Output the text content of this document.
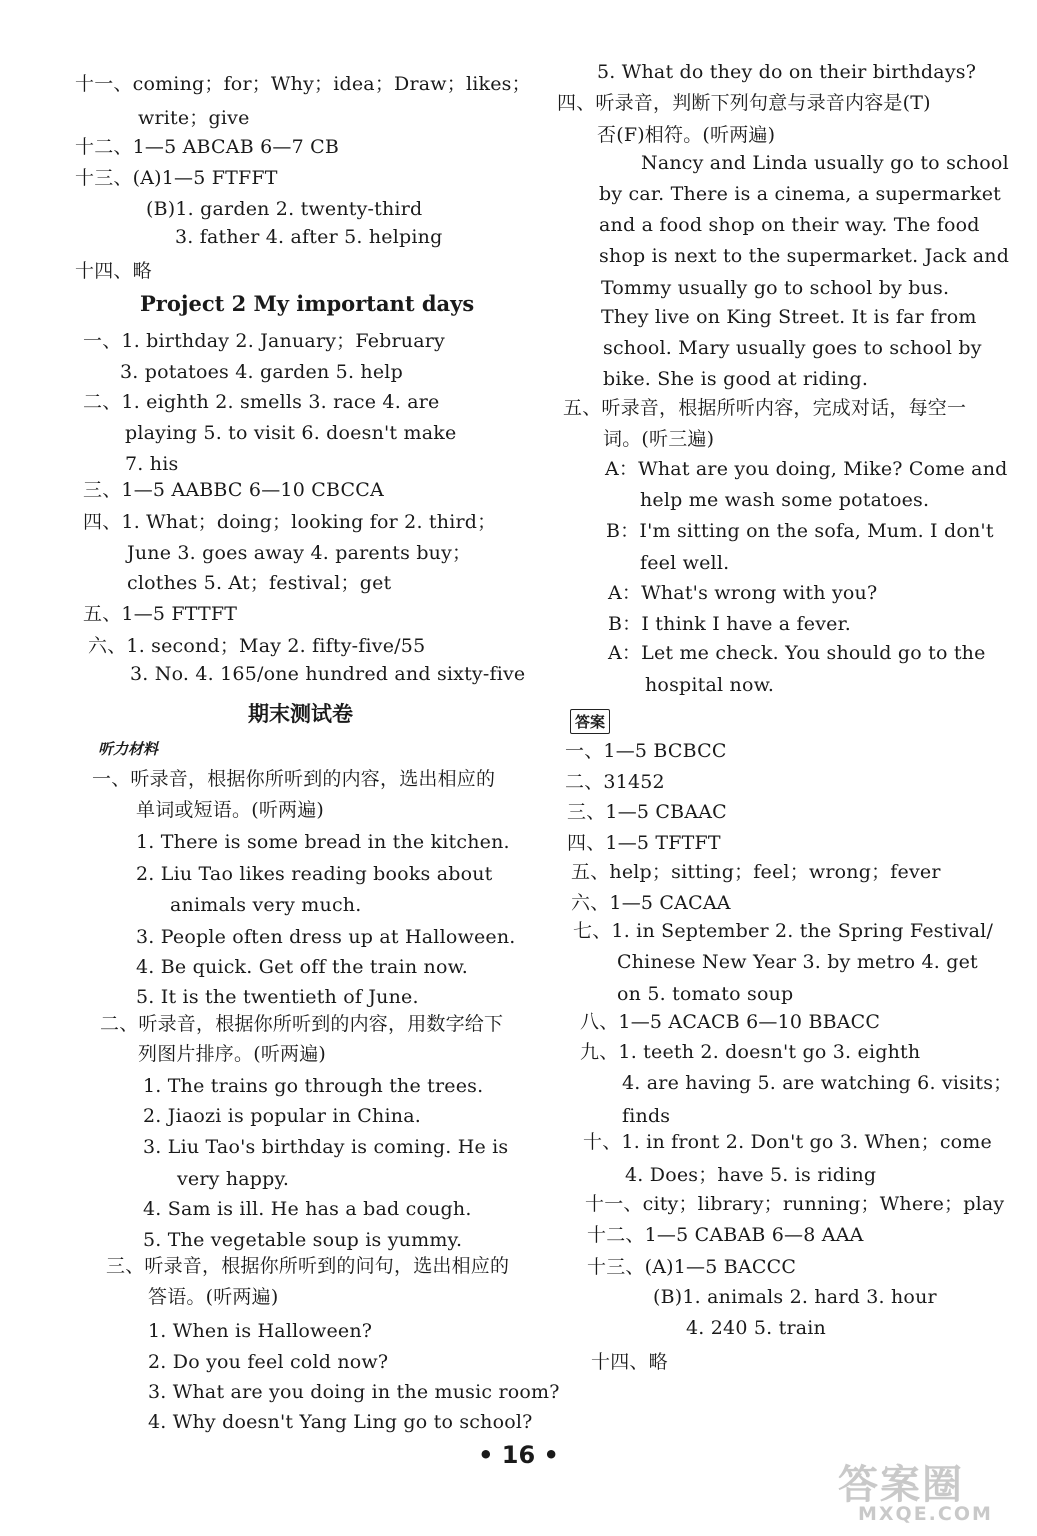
十一、coming；for；Why；idea；Draw；likes；
write；give
十二、1—5 ABCAB 6—7 CB
十三、(A)1—5 FTFFT
(B)1. garden 2. twenty-third
3. father 4. after 5. helping
十四、略
一、1. birthday 2. January；February
3. potatoes 4. garden 5. help
二、1. eighth 2. smells 3. race 4. are
playing 5. to visit 6. doesn't make
7. his
三、1—5 AABBC 6—10 CBCCA
四、1. What；doing；looking for 2. third；
June 3. goes away 4. parents buy；
clothes 5. At；festival；get
五、1—5 FTTFT
六、1. second；May 2. fifty-five/55
3. No. 4. 165/one hundred and sixty-five
一、听录音，根据你所听到的内容，选出相应的
单词或短语。(听两遍)
1. There is some bread in the kitchen.
2. Liu Tao likes reading books about
animals very much.
3. People often dress up at Halloween.
4. Be quick. Get off the train now.
5. It is the twentieth of June.
二、听录音，根据你所听到的内容，用数字给下
列图片排序。(听两遍)
1. The trains go through the trees.
2. Jiaozi is popular in China.
3. Liu Tao's birthday is coming. He is
very happy.
4. Sam is ill. He has a bad cough.
5. The vegetable soup is yummy.
三、听录音，根据你所听到的问句，选出相应的
答语。(听两遍)
1. When is Halloween?
2. Do you feel cold now?
3. What are you doing in the music room?
4. Why doesn't Yang Ling go to school?
5. What do they do on their birthdays?
四、听录音，判断下列句意与录音内容是(T)
否(F)相符。(听两遍)
Nancy and Linda usually go to school
by car. There is a cinema, a supermarket
and a food shop on their way. The food
shop is next to the supermarket. Jack and
Tommy usually go to school by bus.
They live on King Street. It is far from
school. Mary usually goes to school by
bike. She is good at riding.
五、听录音，根据所听内容，完成对话，每空一
词。(听三遍)
A：What are you doing, Mike? Come and
help me wash some potatoes.
B：I'm sitting on the sofa, Mum. I don't
feel well.
A：What's wrong with you?
B：I think I have a fever.
A：Let me check. You should go to the
hospital now.
一、1—5 BCBCC
二、31452
三、1—5 CBAAC
四、1—5 TFTFT
五、help；sitting；feel；wrong；fever
六、1—5 CACAA
七、1. in September 2. the Spring Festival/
Chinese New Year 3. by metro 4. get
on 5. tomato soup
八、1—5 ACACB 6—10 BBACC
九、1. teeth 2. doesn't go 3. eighth
4. are having 5. are watching 6. visits；
finds
十、1. in front 2. Don't go 3. When；come
4. Does；have 5. is riding
十一、city；library；running；Where；play
十二、1—5 CABAB 6—8 AAA
十三、(A)1—5 BACCC
(B)1. animals 2. hard 3. hour
4. 240 5. train
十四、略
Project 2 My important days
期末测试卷
听力材料
答案
• 16 •
答案圈
MXQE.COM
